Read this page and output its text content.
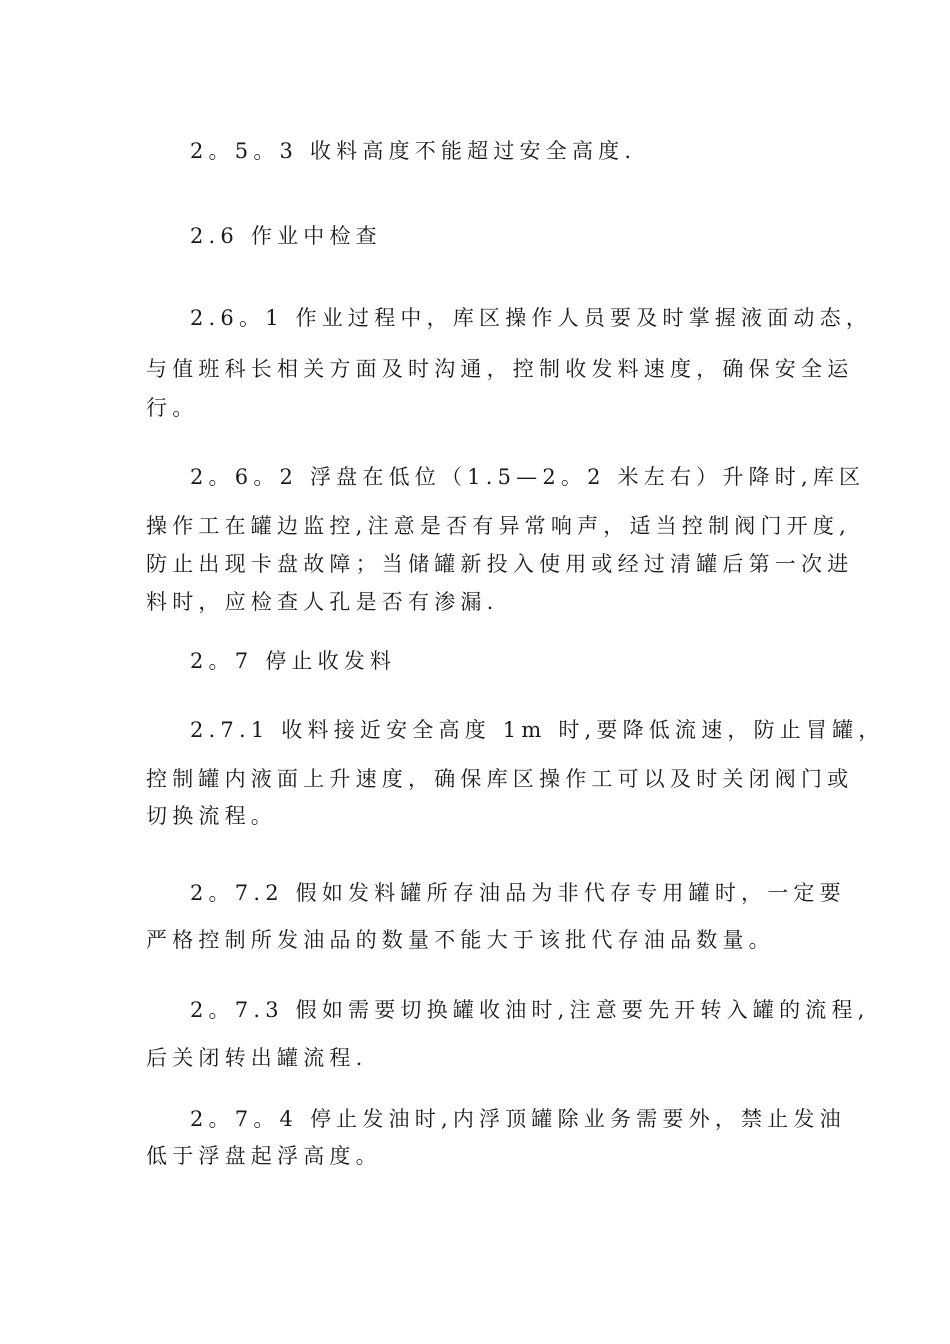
2。5。3 收料高度不能超过安全高度.
2.6 作业中检查
2.6。1 作业过程中，库区操作人员要及时掌握液面动态，
与值班科长相关方面及时沟通，控制收发料速度，确保安全运
行。
2。6。2 浮盘在低位（1.5—2。2 米左右）升降时,库区
操作工在罐边监控,注意是否有异常响声，适当控制阀门开度,
防止出现卡盘故障；当储罐新投入使用或经过清罐后第一次进
料时，应检查人孔是否有渗漏.
2。7 停止收发料
2.7.1 收料接近安全高度 1m 时,要降低流速，防止冒罐，
控制罐内液面上升速度，确保库区操作工可以及时关闭阀门或
切换流程。
2。7.2 假如发料罐所存油品为非代存专用罐时，一定要
严格控制所发油品的数量不能大于该批代存油品数量。
2。7.3 假如需要切换罐收油时,注意要先开转入罐的流程,
后关闭转出罐流程.
2。7。4 停止发油时,内浮顶罐除业务需要外，禁止发油
低于浮盘起浮高度。
